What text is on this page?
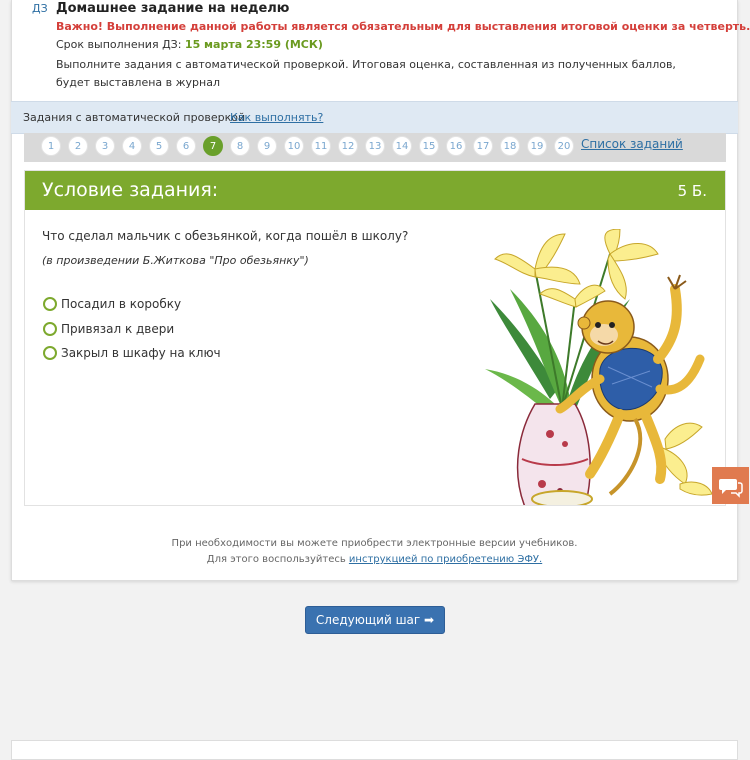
ДЗ Домашнее задание на неделю
Важно! Выполнение данной работы является обязательным для выставления итоговой оценки за четверть.
Срок выполнения ДЗ: 15 марта 23:59 (МСК)
Выполните задания с автоматической проверкой. Итоговая оценка, составленная из полученных баллов, будет выставлена в журнал
При необходимости вы можете приобрести электронные версии учебников.
Для этого воспользуйтесь инструкцией по приобретению ЭФУ.
Задания с автоматической проверкой
Как выполнять?
1	2	3	4	5	6	7	8	9	10	11	12	13	14	15	16	17	18	19	20 Список заданий
Условие задания:	5 Б.
Что сделал мальчик с обезьянкой, когда пошёл в школу?
(в произведении Б.Житкова "Про обезьянку")
Посадил в коробку
Привязал к двери
Закрыл в шкафу на ключ
Следующий шаг ➡
